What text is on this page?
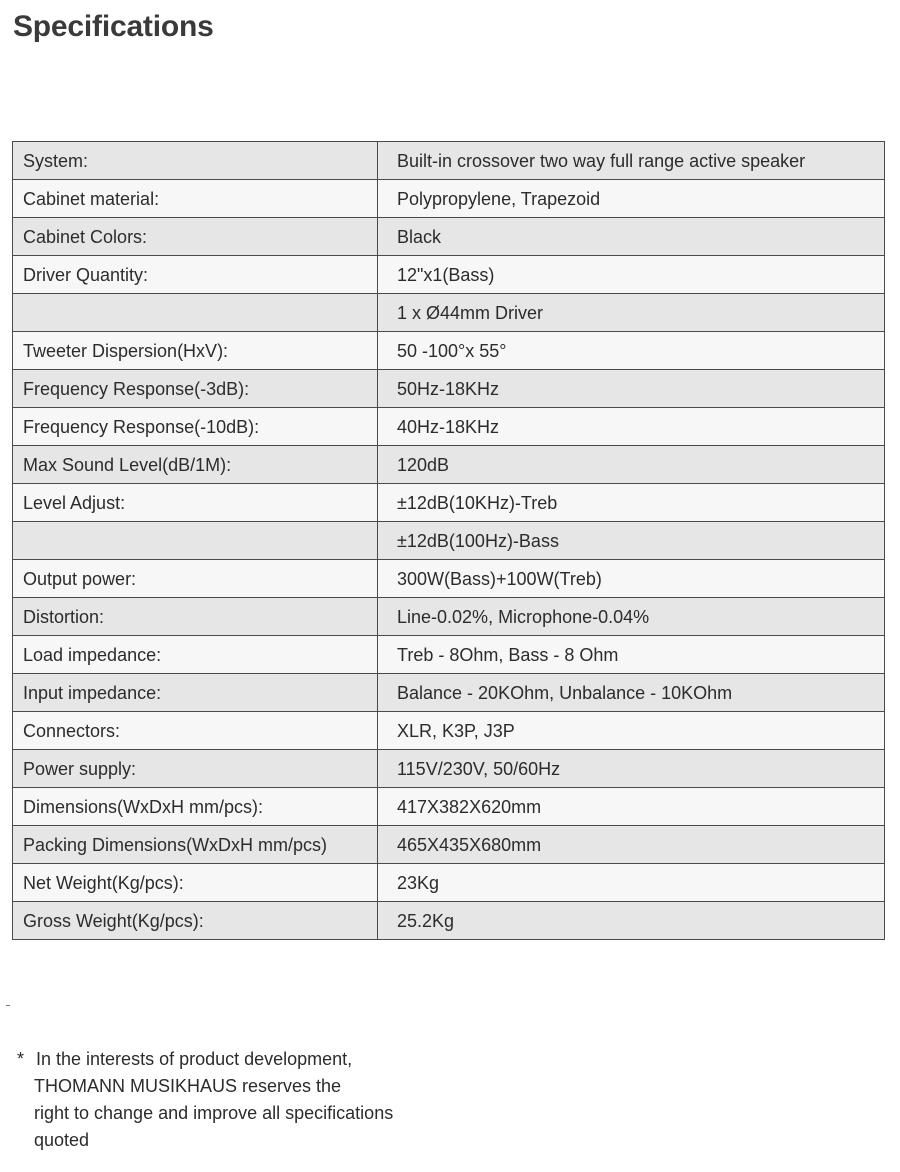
Specifications
System:	Built-in crossover two way full range active speaker
Cabinet material:	Polypropylene, Trapezoid
Cabinet Colors:	Black
Driver Quantity:	12"x1(Bass)
	1 x Ø44mm Driver
Tweeter Dispersion(HxV):	50 -100°x 55°
Frequency Response(-3dB):	50Hz-18KHz
Frequency Response(-10dB):	40Hz-18KHz
Max Sound Level(dB/1M):	120dB
Level Adjust:	±12dB(10KHz)-Treb
	±12dB(100Hz)-Bass
Output power:	300W(Bass)+100W(Treb)
Distortion:	Line-0.02%, Microphone-0.04%
Load impedance:	Treb - 8Ohm, Bass - 8 Ohm
Input impedance:	Balance - 20KOhm, Unbalance - 10KOhm
Connectors:	XLR, K3P, J3P
Power supply:	115V/230V, 50/60Hz
Dimensions(WxDxH mm/pcs):	417X382X620mm
Packing Dimensions(WxDxH mm/pcs)	465X435X680mm
Net Weight(Kg/pcs):	23Kg
Gross Weight(Kg/pcs):	25.2Kg
* In the interests of product development,
THOMANN MUSIKHAUS reserves the
right to change and improve all specifications
quoted
